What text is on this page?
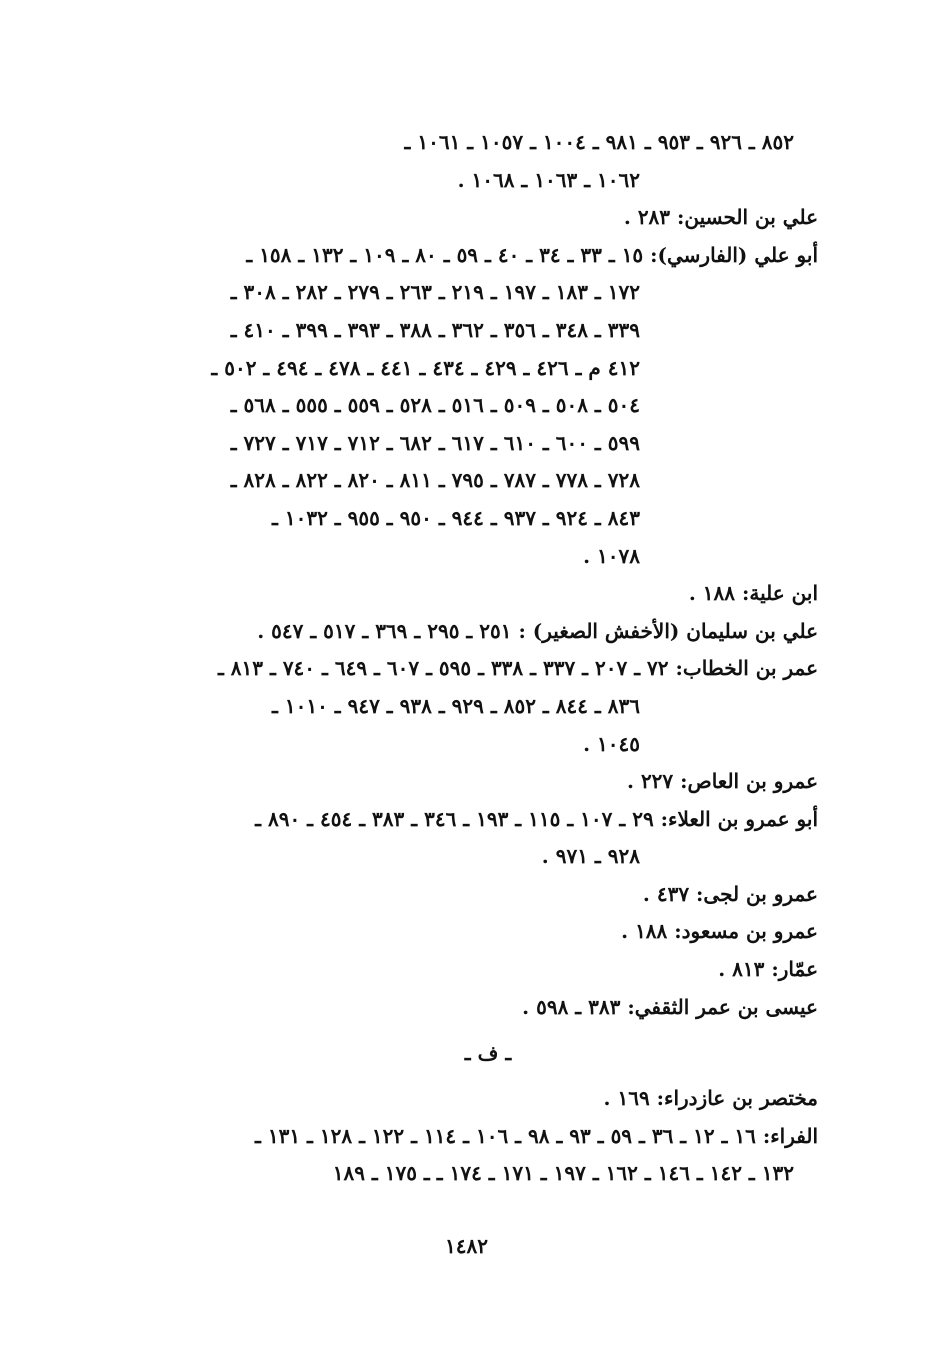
٨٥٢ ـ ٩٢٦ ـ ٩٥٣ ـ ٩٨١ ـ ١٠٠٤ ـ ١٠٥٧ ـ ١٠٦١ ـ
١٠٦٢ ـ ١٠٦٣ ـ ١٠٦٨ .
علي بن الحسين: ٢٨٣ .
أبو علي (الفارسي): ١٥ ـ ٣٣ ـ ٣٤ ـ ٤٠ ـ ٥٩ ـ ٨٠ ـ ١٠٩ ـ ١٣٢ ـ ١٥٨ ـ
١٧٢ ـ ١٨٣ ـ ١٩٧ ـ ٢١٩ ـ ٢٦٣ ـ ٢٧٩ ـ ٢٨٢ ـ ٣٠٨ ـ
٣٣٩ ـ ٣٤٨ ـ ٣٥٦ ـ ٣٦٢ ـ ٣٨٨ ـ ٣٩٣ ـ ٣٩٩ ـ ٤١٠ ـ
٤١٢ م ـ ٤٢٦ ـ ٤٢٩ ـ ٤٣٤ ـ ٤٤١ ـ ٤٧٨ ـ ٤٩٤ ـ ٥٠٢ ـ
٥٠٤ ـ ٥٠٨ ـ ٥٠٩ ـ ٥١٦ ـ ٥٢٨ ـ ٥٥٩ ـ ٥٥٥ ـ ٥٦٨ ـ
٥٩٩ ـ ٦٠٠ ـ ٦١٠ ـ ٦١٧ ـ ٦٨٢ ـ ٧١٢ ـ ٧١٧ ـ ٧٢٧ ـ
٧٢٨ ـ ٧٧٨ ـ ٧٨٧ ـ ٧٩٥ ـ ٨١١ ـ ٨٢٠ ـ ٨٢٢ ـ ٨٢٨ ـ
٨٤٣ ـ ٩٢٤ ـ ٩٣٧ ـ ٩٤٤ ـ ٩٥٠ ـ ٩٥٥ ـ ١٠٣٢ ـ
١٠٧٨ .
ابن علية: ١٨٨ .
علي بن سليمان (الأخفش الصغير) : ٢٥١ ـ ٢٩٥ ـ ٣٦٩ ـ ٥١٧ ـ ٥٤٧ .
عمر بن الخطاب: ٧٢ ـ ٢٠٧ ـ ٣٣٧ ـ ٣٣٨ ـ ٥٩٥ ـ ٦٠٧ ـ ٦٤٩ ـ ٧٤٠ ـ ٨١٣ ـ
٨٣٦ ـ ٨٤٤ ـ ٨٥٢ ـ ٩٢٩ ـ ٩٣٨ ـ ٩٤٧ ـ ١٠١٠ ـ
١٠٤٥ .
عمرو بن العاص: ٢٢٧ .
أبو عمرو بن العلاء: ٢٩ ـ ١٠٧ ـ ١١٥ ـ ١٩٣ ـ ٣٤٦ ـ ٣٨٣ ـ ٤٥٤ ـ ٨٩٠ ـ
٩٢٨ ـ ٩٧١ .
عمرو بن لجى: ٤٣٧ .
عمرو بن مسعود: ١٨٨ .
عمّار: ٨١٣ .
عيسى بن عمر الثقفي: ٣٨٣ ـ ٥٩٨ .
ـ ف ـ
مختصر بن عازدراء: ١٦٩ .
الفراء: ١٦ ـ ١٢ ـ ٣٦ ـ ٥٩ ـ ٩٣ ـ ٩٨ ـ ١٠٦ ـ ١١٤ ـ ١٢٢ ـ ١٢٨ ـ ١٣١ ـ
١٣٢ ـ ١٤٢ ـ ١٤٦ ـ ١٦٢ ـ ١٩٧ ـ ١٧١ ـ ١٧٤ ـ ـ ١٧٥ ـ ١٨٩
١٤٨٢
